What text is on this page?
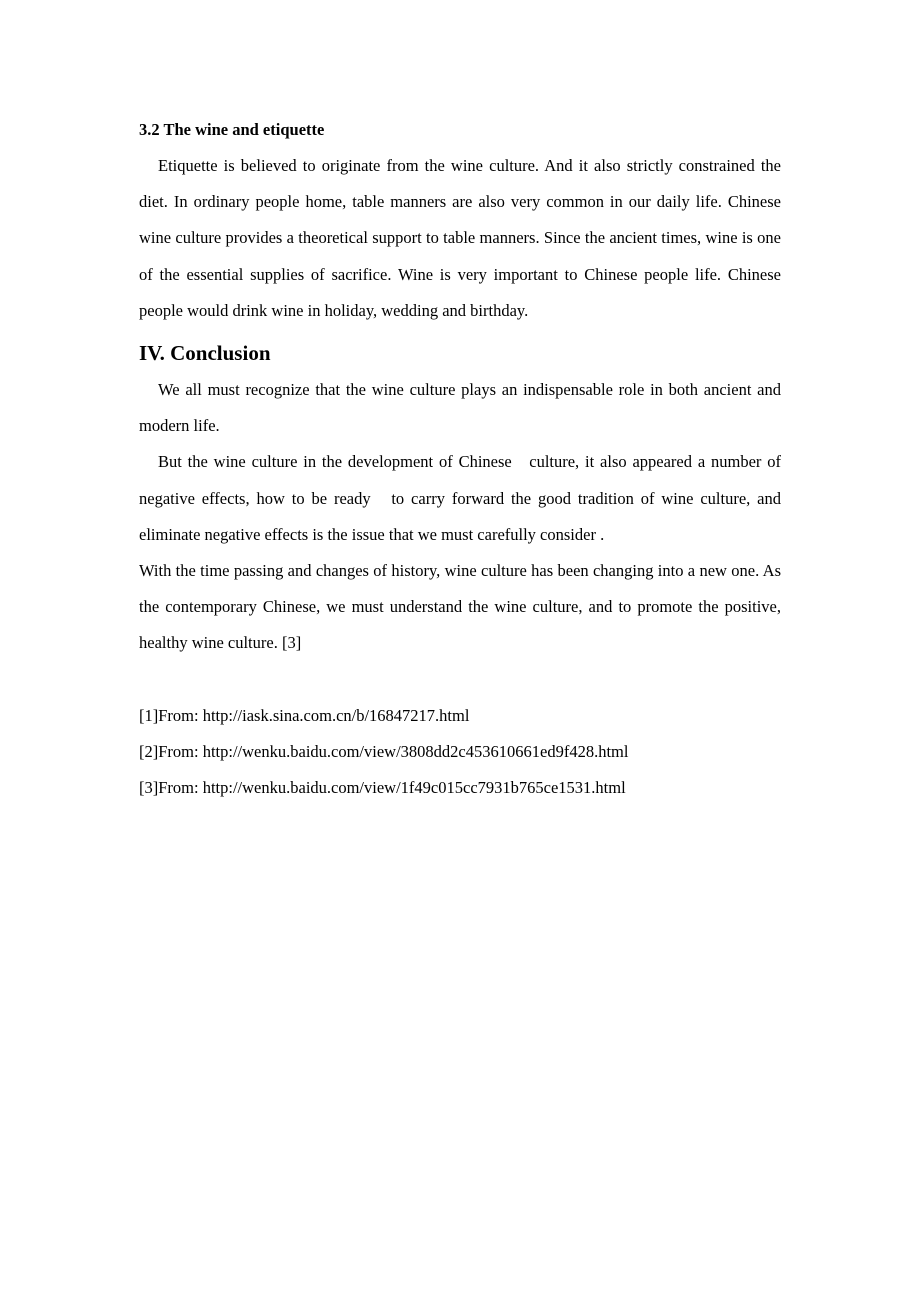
3.2 The wine and etiquette

Etiquette is believed to originate from the wine culture. And it also strictly constrained the diet. In ordinary people home, table manners are also very common in our daily life. Chinese wine culture provides a theoretical support to table manners. Since the ancient times, wine is one of the essential supplies of sacrifice. Wine is very important to Chinese people life. Chinese people would drink wine in holiday, wedding and birthday.

IV. Conclusion

We all must recognize that the wine culture plays an indispensable role in both ancient and modern life.

But the wine culture in the development of Chinese   culture, it also appeared a number of negative effects, how to be ready   to carry forward the good tradition of wine culture, and eliminate negative effects is the issue that we must carefully consider .

With the time passing and changes of history, wine culture has been changing into a new one. As the contemporary Chinese, we must understand the wine culture, and to promote the positive, healthy wine culture. [3]

[1]From: http://iask.sina.com.cn/b/16847217.html

[2]From: http://wenku.baidu.com/view/3808dd2c453610661ed9f428.html

[3]From: http://wenku.baidu.com/view/1f49c015cc7931b765ce1531.html
